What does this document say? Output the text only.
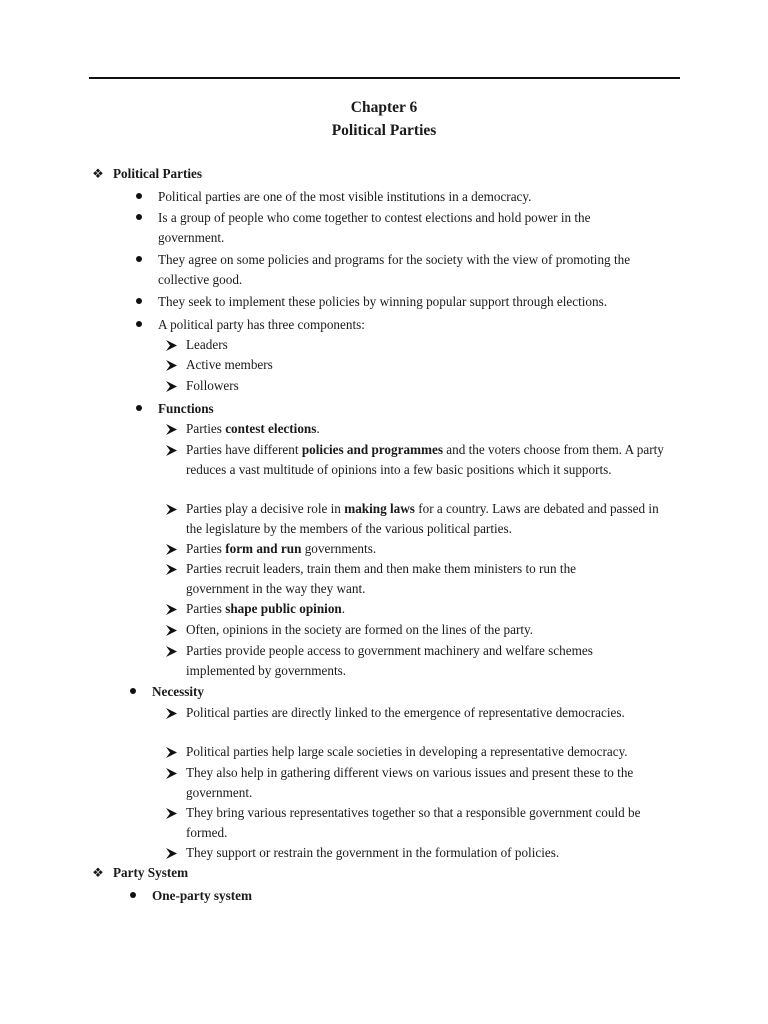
Chapter 6
Political Parties
❖ Political Parties
Political parties are one of the most visible institutions in a democracy.
Is a group of people who come together to contest elections and hold power in the government.
They agree on some policies and programs for the society with the view of promoting the collective good.
They seek to implement these policies by winning popular support through elections.
A political party has three components:
Leaders
Active members
Followers
Functions
Parties contest elections.
Parties have different policies and programmes and the voters choose from them. A party reduces a vast multitude of opinions into a few basic positions which it supports.
Parties play a decisive role in making laws for a country. Laws are debated and passed in the legislature by the members of the various political parties.
Parties form and run governments.
Parties recruit leaders, train them and then make them ministers to run the government in the way they want.
Parties shape public opinion.
Often, opinions in the society are formed on the lines of the party.
Parties provide people access to government machinery and welfare schemes implemented by governments.
Necessity
Political parties are directly linked to the emergence of representative democracies.
Political parties help large scale societies in developing a representative democracy.
They also help in gathering different views on various issues and present these to the government.
They bring various representatives together so that a responsible government could be formed.
They support or restrain the government in the formulation of policies.
❖ Party System
One-party system
